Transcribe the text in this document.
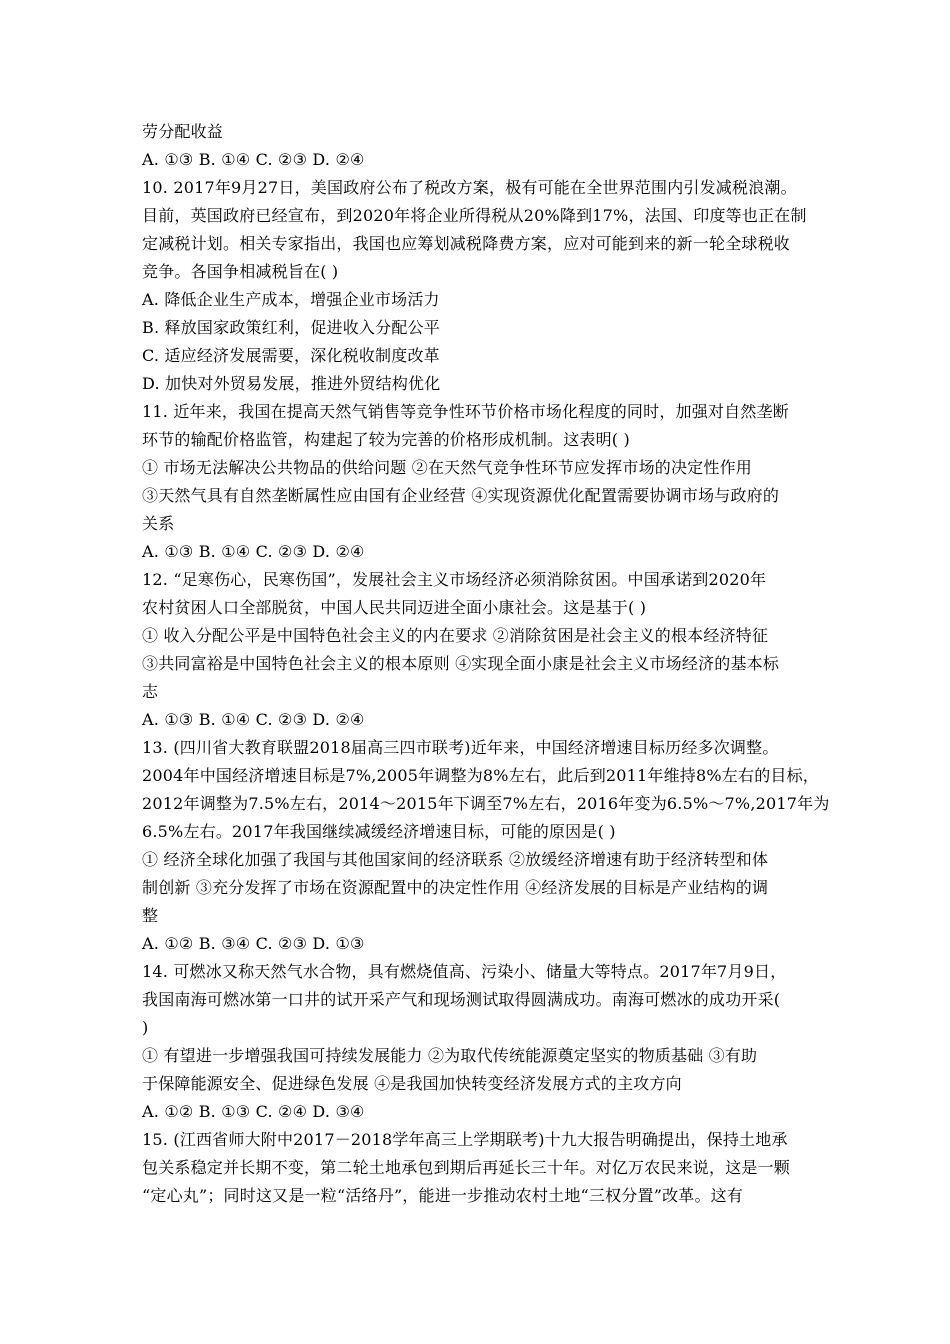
劳分配收益
A. ①③ B. ①④ C. ②③ D. ②④
10. 2017年9月27日，美国政府公布了税改方案，极有可能在全世界范围内引发减税浪潮。
目前，英国政府已经宣布，到2020年将企业所得税从20%降到17%，法国、印度等也正在制
定减税计划。相关专家指出，我国也应筹划减税降费方案，应对可能到来的新一轮全球税收
竞争。各国争相减税旨在( )
A. 降低企业生产成本，增强企业市场活力
B. 释放国家政策红利，促进收入分配公平
C. 适应经济发展需要，深化税收制度改革
D. 加快对外贸易发展，推进外贸结构优化
11. 近年来，我国在提高天然气销售等竞争性环节价格市场化程度的同时，加强对自然垄断
环节的输配价格监管，构建起了较为完善的价格形成机制。这表明( )
① 市场无法解决公共物品的供给问题 ②在天然气竞争性环节应发挥市场的决定性作用
③天然气具有自然垄断属性应由国有企业经营 ④实现资源优化配置需要协调市场与政府的
关系
A. ①③ B. ①④ C. ②③ D. ②④
12. “足寒伤心，民寒伤国”，发展社会主义市场经济必须消除贫困。中国承诺到2020年
农村贫困人口全部脱贫，中国人民共同迈进全面小康社会。这是基于( )
① 收入分配公平是中国特色社会主义的内在要求 ②消除贫困是社会主义的根本经济特征
③共同富裕是中国特色社会主义的根本原则 ④实现全面小康是社会主义市场经济的基本标
志
A. ①③ B. ①④ C. ②③ D. ②④
13. (四川省大教育联盟2018届高三四市联考)近年来，中国经济增速目标历经多次调整。
2004年中国经济增速目标是7%,2005年调整为8%左右，此后到2011年维持8%左右的目标，
2012年调整为7.5%左右，2014～2015年下调至7%左右，2016年变为6.5%～7%,2017年为
6.5%左右。2017年我国继续减缓经济增速目标，可能的原因是( )
① 经济全球化加强了我国与其他国家间的经济联系 ②放缓经济增速有助于经济转型和体
制创新 ③充分发挥了市场在资源配置中的决定性作用 ④经济发展的目标是产业结构的调
整
A. ①② B. ③④ C. ②③ D. ①③
14. 可燃冰又称天然气水合物，具有燃烧值高、污染小、储量大等特点。2017年7月9日，
我国南海可燃冰第一口井的试开采产气和现场测试取得圆满成功。南海可燃冰的成功开采(
)
① 有望进一步增强我国可持续发展能力 ②为取代传统能源奠定坚实的物质基础 ③有助
于保障能源安全、促进绿色发展 ④是我国加快转变经济发展方式的主攻方向
A. ①② B. ①③ C. ②④ D. ③④
15. (江西省师大附中2017－2018学年高三上学期联考)十九大报告明确提出，保持土地承
包关系稳定并长期不变，第二轮土地承包到期后再延长三十年。对亿万农民来说，这是一颗
“定心丸”；同时这又是一粒“活络丹”，能进一步推动农村土地“三权分置”改革。这有
